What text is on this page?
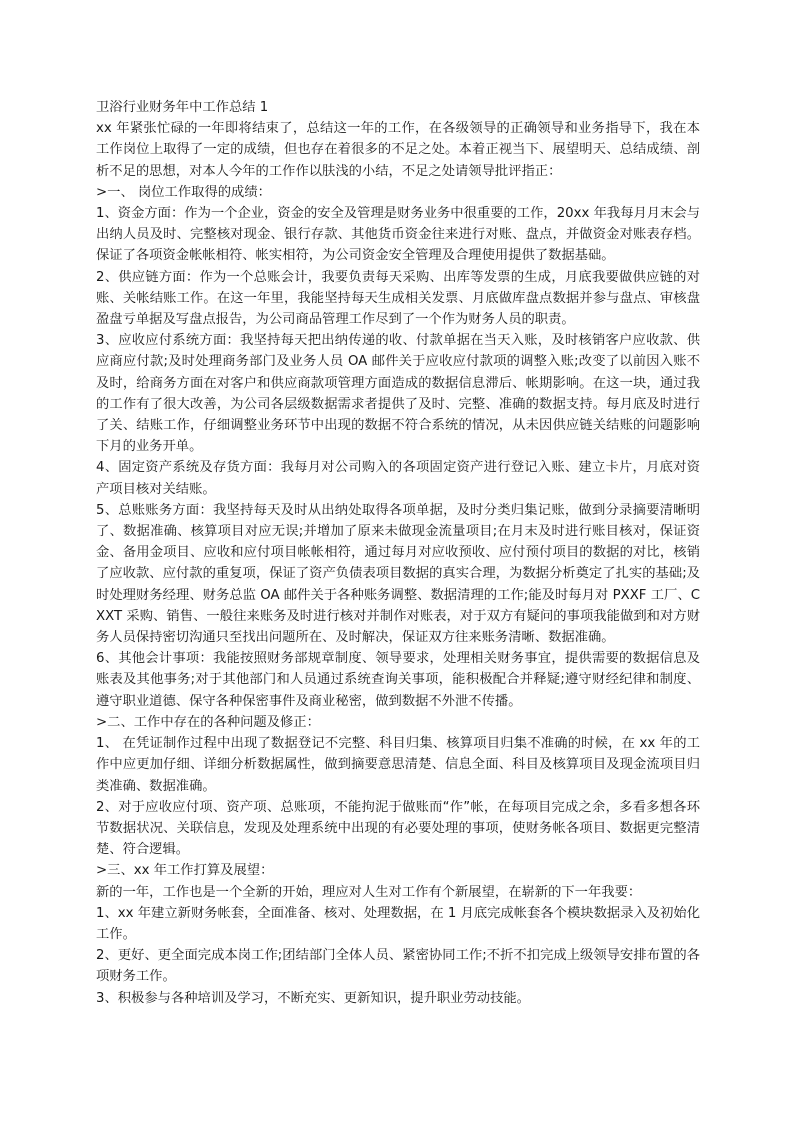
卫浴行业财务年中工作总结 1

xx 年紧张忙碌的一年即将结束了，总结这一年的工作，在各级领导的正确领导和业务指导下，我在本工作岗位上取得了一定的成绩，但也存在着很多的不足之处。本着正视当下、展望明天、总结成绩、剖析不足的思想，对本人今年的工作作以肤浅的小结，不足之处请领导批评指正：

>一、 岗位工作取得的成绩：

1、资金方面：作为一个企业，资金的安全及管理是财务业务中很重要的工作，20xx 年我每月月末会与出纳人员及时、完整核对现金、银行存款、其他货币资金往来进行对账、盘点，并做资金对账表存档。保证了各项资金帐帐相符、帐实相符，为公司资金安全管理及合理使用提供了数据基础。

2、供应链方面：作为一个总账会计，我要负责每天采购、出库等发票的生成，月底我要做供应链的对账、关帐结账工作。在这一年里，我能坚持每天生成相关发票、月底做库盘点数据并参与盘点、审核盘盈盘亏单据及写盘点报告，为公司商品管理工作尽到了一个作为财务人员的职责。

3、应收应付系统方面：我坚持每天把出纳传递的收、付款单据在当天入账，及时核销客户应收款、供应商应付款;及时处理商务部门及业务人员 OA 邮件关于应收应付款项的调整入账;改变了以前因入账不及时，给商务方面在对客户和供应商款项管理方面造成的数据信息滞后、帐期影响。在这一块，通过我的工作有了很大改善，为公司各层级数据需求者提供了及时、完整、准确的数据支持。每月底及时进行了关、结账工作，仔细调整业务环节中出现的数据不符合系统的情况，从未因供应链关结账的问题影响下月的业务开单。

4、固定资产系统及存货方面：我每月对公司购入的各项固定资产进行登记入账、建立卡片，月底对资产项目核对关结账。

5、总账账务方面：我坚持每天及时从出纳处取得各项单据，及时分类归集记账，做到分录摘要清晰明了、数据准确、核算项目对应无误;并增加了原来未做现金流量项目;在月末及时进行账目核对，保证资金、备用金项目、应收和应付项目帐帐相符，通过每月对应收预收、应付预付项目的数据的对比，核销了应收款、应付款的重复项，保证了资产负债表项目数据的真实合理，为数据分析奠定了扎实的基础;及时处理财务经理、财务总监 OA 邮件关于各种账务调整、数据清理的工作;能及时每月对 PXXF 工厂、CXXT 采购、销售、一般往来账务及时进行核对并制作对账表，对于双方有疑问的事项我能做到和对方财务人员保持密切沟通只至找出问题所在、及时解决，保证双方往来账务清晰、数据准确。

6、其他会计事项：我能按照财务部规章制度、领导要求，处理相关财务事宜，提供需要的数据信息及账表及其他事务;对于其他部门和人员通过系统查询关事项，能积极配合并释疑;遵守财经纪律和制度、遵守职业道德、保守各种保密事件及商业秘密，做到数据不外泄不传播。

>二、工作中存在的各种问题及修正：

1、 在凭证制作过程中出现了数据登记不完整、科目归集、核算项目归集不准确的时候，在 xx 年的工作中应更加仔细、详细分析数据属性，做到摘要意思清楚、信息全面、科目及核算项目及现金流项目归类准确、数据准确。

2、对于应收应付项、资产项、总账项，不能拘泥于做账而“作”帐，在每项目完成之余，多看多想各环节数据状况、关联信息，发现及处理系统中出现的有必要处理的事项，使财务帐各项目、数据更完整清楚、符合逻辑。

>三、xx 年工作打算及展望：

新的一年，工作也是一个全新的开始，理应对人生对工作有个新展望，在崭新的下一年我要：

1、xx 年建立新财务帐套，全面准备、核对、处理数据，在 1 月底完成帐套各个模块数据录入及初始化工作。

2、更好、更全面完成本岗工作;团结部门全体人员、紧密协同工作;不折不扣完成上级领导安排布置的各项财务工作。

3、积极参与各种培训及学习，不断充实、更新知识，提升职业劳动技能。
